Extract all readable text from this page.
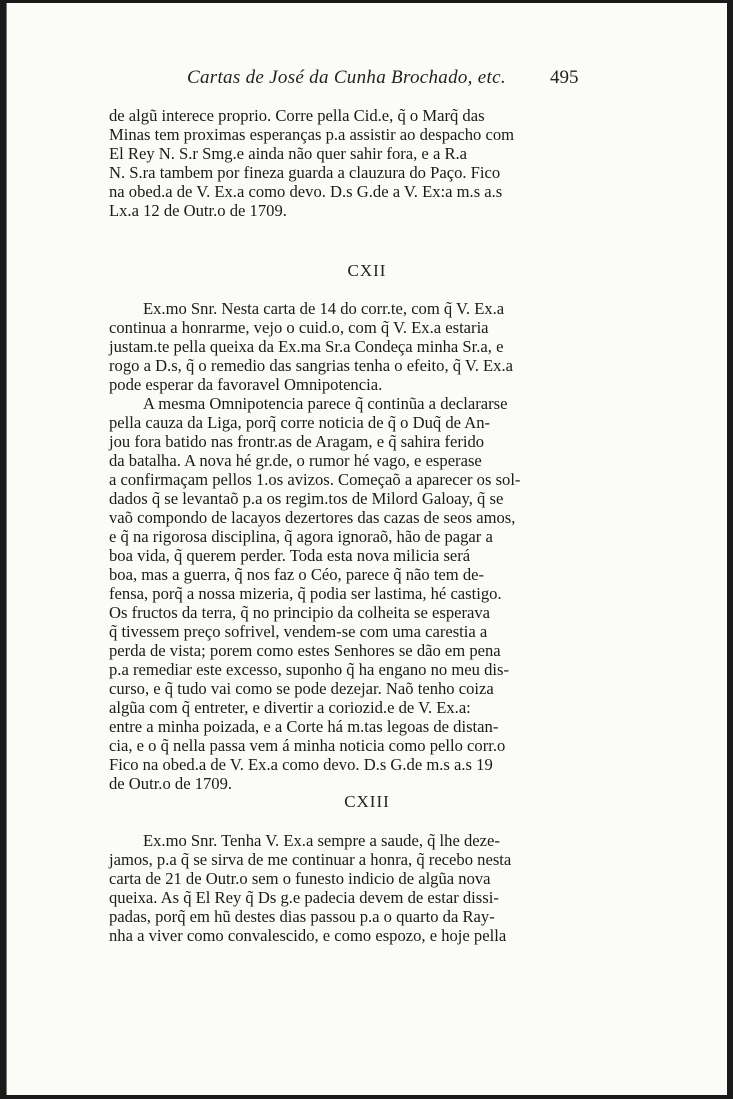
Cartas de José da Cunha Brochado, etc. 495

de algũ interece proprio. Corre pella Cid.e, q̃ o Marq̃ das
Minas tem proximas esperanças p.a assistir ao despacho com
El Rey N. S.r Smg.e ainda não quer sahir fora, e a R.a
N. S.ra tambem por fineza guarda a clauzura do Paço. Fico
na obed.a de V. Ex.a como devo. D.s G.de a V. Ex:a m.s a.s
Lx.a 12 de Outr.o de 1709.

CXII

Ex.mo Snr. Nesta carta de 14 do corr.te, com q̃ V. Ex.a
continua a honrarme, vejo o cuid.o, com q̃ V. Ex.a estaria
justam.te pella queixa da Ex.ma Sr.a Condeça minha Sr.a, e
rogo a D.s, q̃ o remedio das sangrias tenha o efeito, q̃ V. Ex.a
pode esperar da favoravel Omnipotencia.

A mesma Omnipotencia parece q̃ continũa a declararse
pella cauza da Liga, porq̃ corre noticia de q̃ o Duq̃ de An-
jou fora batido nas frontr.as de Aragam, e q̃ sahira ferido
da batalha. A nova hé gr.de, o rumor hé vago, e esperase
a confirmaçam pellos 1.os avizos. Começaõ a aparecer os sol-
dados q̃ se levantaõ p.a os regim.tos de Milord Galoay, q̃ se
vaõ compondo de lacayos dezertores das cazas de seos amos,
e q̃ na rigorosa disciplina, q̃ agora ignoraõ, hão de pagar a
boa vida, q̃ querem perder. Toda esta nova milicia será
boa, mas a guerra, q̃ nos faz o Céo, parece q̃ não tem de-
fensa, porq̃ a nossa mizeria, q̃ podia ser lastima, hé castigo.
Os fructos da terra, q̃ no principio da colheita se esperava
q̃ tivessem preço sofrivel, vendem-se com uma carestia a
perda de vista; porem como estes Senhores se dão em pena
p.a remediar este excesso, suponho q̃ ha engano no meu dis-
curso, e q̃ tudo vai como se pode dezejar. Naõ tenho coiza
algũa com q̃ entreter, e divertir a coriozid.e de V. Ex.a:
entre a minha poizada, e a Corte há m.tas legoas de distan-
cia, e o q̃ nella passa vem á minha noticia como pello corr.o
Fico na obed.a de V. Ex.a como devo. D.s G.de m.s a.s 19
de Outr.o de 1709.

CXIII

Ex.mo Snr. Tenha V. Ex.a sempre a saude, q̃ lhe deze-
jamos, p.a q̃ se sirva de me continuar a honra, q̃ recebo nesta
carta de 21 de Outr.o sem o funesto indicio de algũa nova
queixa. As q̃ El Rey q̃ Ds g.e padecia devem de estar dissi-
padas, porq̃ em hũ destes dias passou p.a o quarto da Ray-
nha a viver como convalescido, e como espozo, e hoje pella
